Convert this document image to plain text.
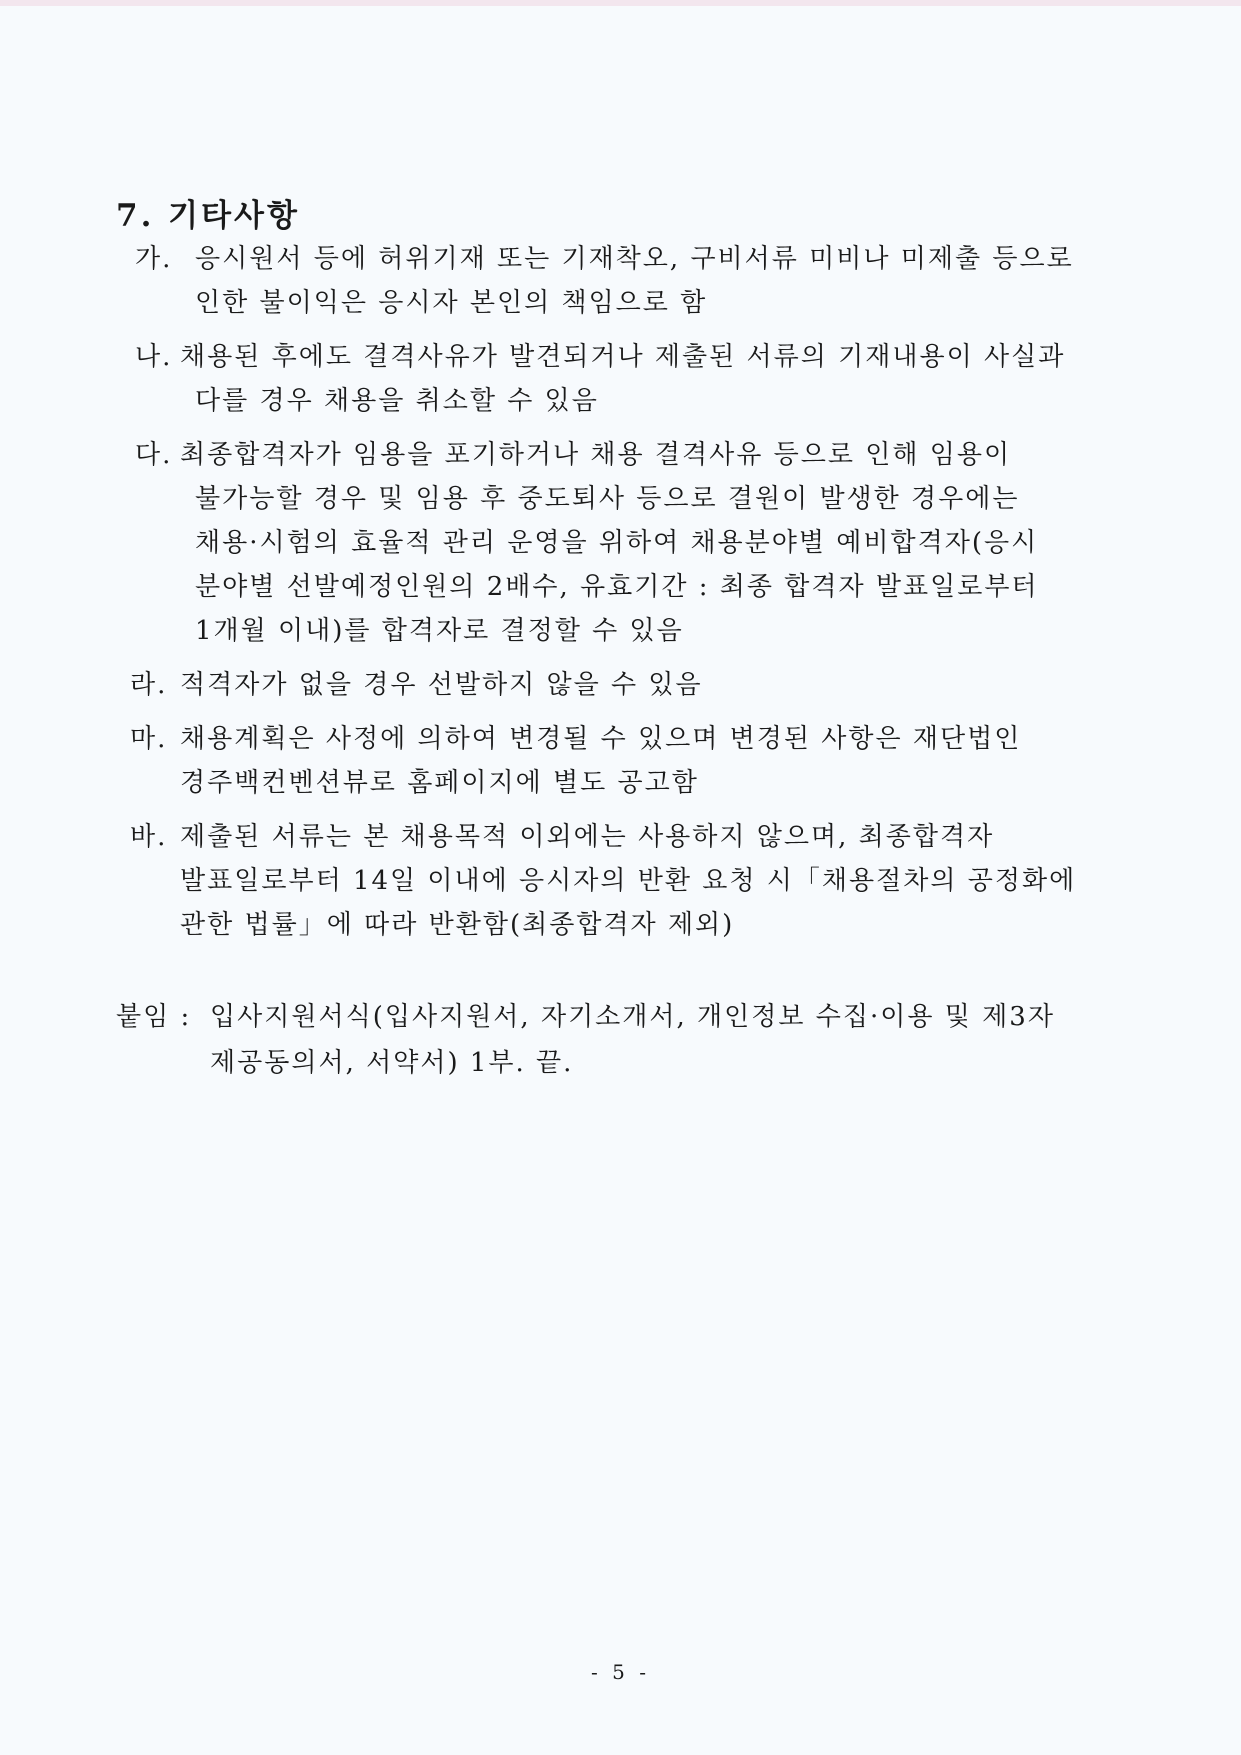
7. 기타사항
가. 응시원서 등에 허위기재 또는 기재착오, 구비서류 미비나 미제출 등으로
인한 불이익은 응시자 본인의 책임으로 함
나. 채용된 후에도 결격사유가 발견되거나 제출된 서류의 기재내용이 사실과
다를 경우 채용을 취소할 수 있음
다. 최종합격자가 임용을 포기하거나 채용 결격사유 등으로 인해 임용이
불가능할 경우 및 임용 후 중도퇴사 등으로 결원이 발생한 경우에는
채용·시험의 효율적 관리 운영을 위하여 채용분야별 예비합격자(응시
분야별 선발예정인원의 2배수, 유효기간 : 최종 합격자 발표일로부터
1개월 이내)를 합격자로 결정할 수 있음
라. 적격자가 없을 경우 선발하지 않을 수 있음
마. 채용계획은 사정에 의하여 변경될 수 있으며 변경된 사항은 재단법인
경주백컨벤션뷰로 홈페이지에 별도 공고함
바. 제출된 서류는 본 채용목적 이외에는 사용하지 않으며, 최종합격자
발표일로부터 14일 이내에 응시자의 반환 요청 시「채용절차의 공정화에
관한 법률」에 따라 반환함(최종합격자 제외)
붙임 : 입사지원서식(입사지원서, 자기소개서, 개인정보 수집·이용 및 제3자
제공동의서, 서약서) 1부. 끝.
- 5 -
